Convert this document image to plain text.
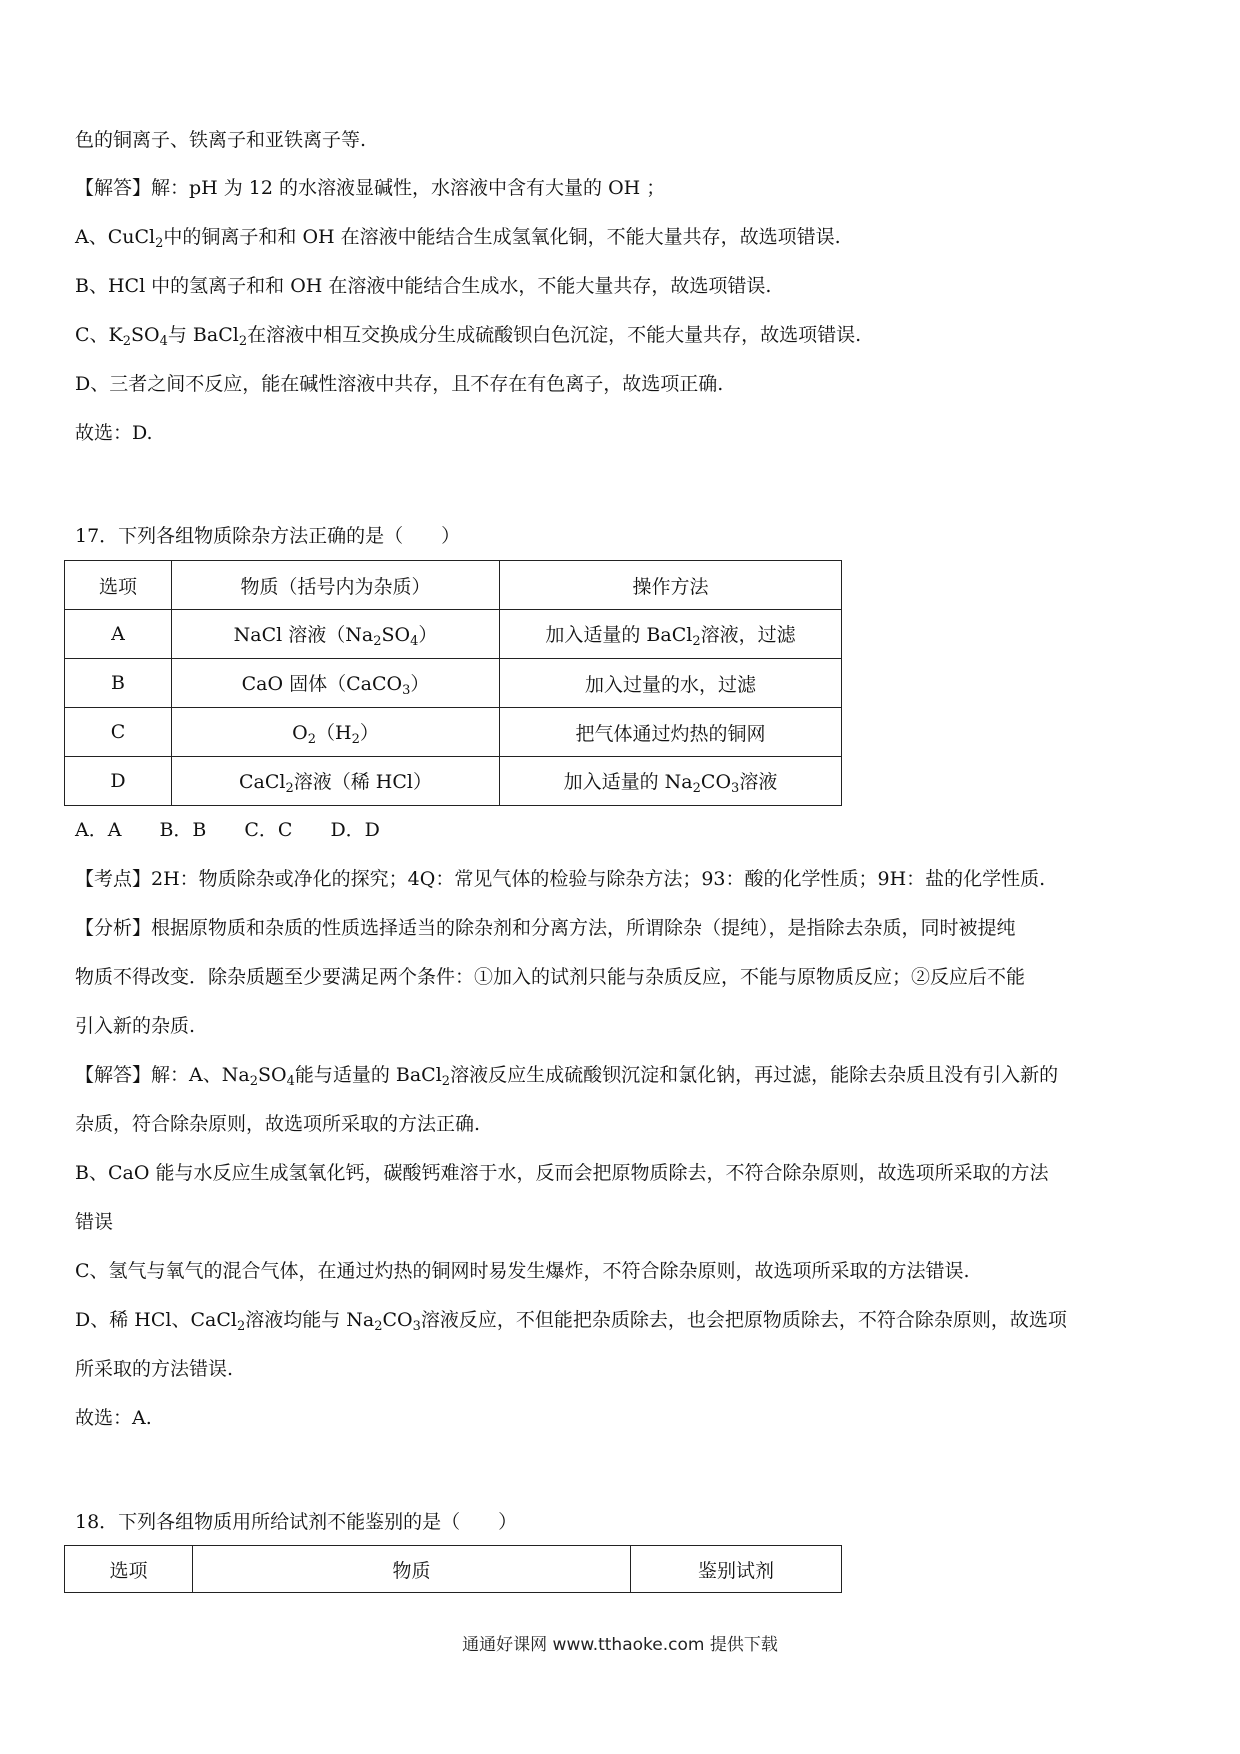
色的铜离子、铁离子和亚铁离子等.
【解答】解：pH 为 12 的水溶液显碱性，水溶液中含有大量的 OH ；
A、CuCl$_2$中的铜离子和和 OH 在溶液中能结合生成氢氧化铜，不能大量共存，故选项错误.
B、HCl 中的氢离子和和 OH 在溶液中能结合生成水，不能大量共存，故选项错误.
C、$K_2SO_4$与 BaCl$_2$在溶液中相互交换成分生成硫酸钡白色沉淀，不能大量共存，故选项错误.
D、三者之间不反应，能在碱性溶液中共存，且不存在有色离子，故选项正确.
故选：D.
17．下列各组物质除杂方法正确的是（　　）
选项	物质（括号内为杂质）	操作方法
A	NaCl 溶液$(Na_2SO_4)$	加入适量的 BaCl$_2$溶液，过滤
B	CaO 固体（CaCO$_3$）	加入过量的水，过滤
C	$O_2(H_2)$	把气体通过灼热的铜网
D	CaCl$_2$溶液（稀 HCl）	加入适量的 $Na_2CO_3$溶液
A．A　　B．B　　C．C　　D．D
【考点】2H：物质除杂或净化的探究；4Q：常见气体的检验与除杂方法；93：酸的化学性质；9H：盐的化学性质.
【分析】根据原物质和杂质的性质选择适当的除杂剂和分离方法，所谓除杂（提纯），是指除去杂质，同时被提纯
物质不得改变．除杂质题至少要满足两个条件：①加入的试剂只能与杂质反应，不能与原物质反应；②反应后不能
引入新的杂质.
【解答】解：A、$Na_2SO_4$能与适量的 BaCl$_2$溶液反应生成硫酸钡沉淀和氯化钠，再过滤，能除去杂质且没有引入新的
杂质，符合除杂原则，故选项所采取的方法正确.
B、CaO 能与水反应生成氢氧化钙，碳酸钙难溶于水，反而会把原物质除去，不符合除杂原则，故选项所采取的方法
错误
C、氢气与氧气的混合气体，在通过灼热的铜网时易发生爆炸，不符合除杂原则，故选项所采取的方法错误.
D、稀 HCl、CaCl$_2$溶液均能与 $Na_2CO_3$溶液反应，不但能把杂质除去，也会把原物质除去，不符合除杂原则，故选项
所采取的方法错误.
故选：A.
18．下列各组物质用所给试剂不能鉴别的是（　　）
选项	物质	鉴别试剂
通通好课网 www.tthaoke.com 提供下载
